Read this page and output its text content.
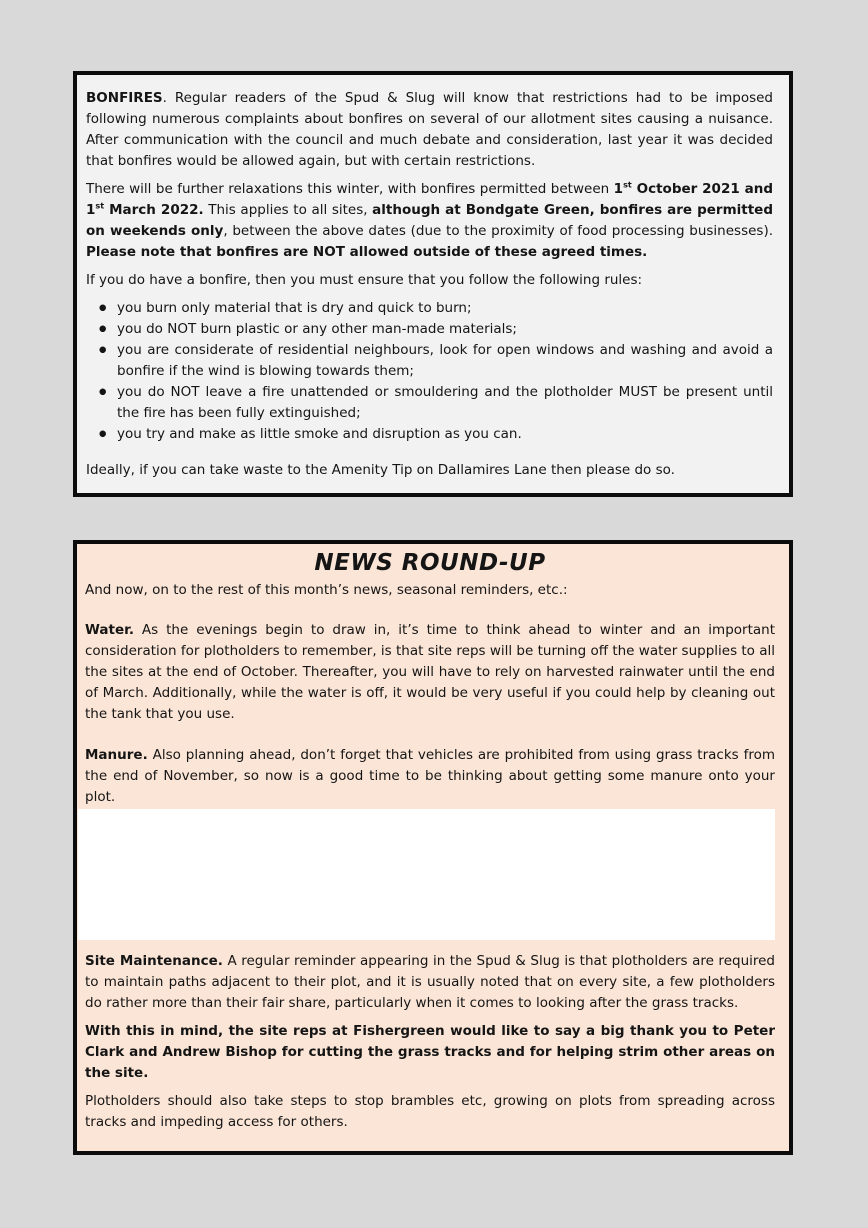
BONFIRES. Regular readers of the Spud & Slug will know that restrictions had to be imposed following numerous complaints about bonfires on several of our allotment sites causing a nuisance. After communication with the council and much debate and consideration, last year it was decided that bonfires would be allowed again, but with certain restrictions.

There will be further relaxations this winter, with bonfires permitted between 1st October 2021 and 1st March 2022. This applies to all sites, although at Bondgate Green, bonfires are permitted on weekends only, between the above dates (due to the proximity of food processing businesses). Please note that bonfires are NOT allowed outside of these agreed times.

If you do have a bonfire, then you must ensure that you follow the following rules:

● you burn only material that is dry and quick to burn;
● you do NOT burn plastic or any other man-made materials;
● you are considerate of residential neighbours, look for open windows and washing and avoid a bonfire if the wind is blowing towards them;
● you do NOT leave a fire unattended or smouldering and the plotholder MUST be present until the fire has been fully extinguished;
● you try and make as little smoke and disruption as you can.

Ideally, if you can take waste to the Amenity Tip on Dallamires Lane then please do so.

NEWS ROUND-UP

And now, on to the rest of this month’s news, seasonal reminders, etc.:

Water. As the evenings begin to draw in, it’s time to think ahead to winter and an important consideration for plotholders to remember, is that site reps will be turning off the water supplies to all the sites at the end of October. Thereafter, you will have to rely on harvested rainwater until the end of March. Additionally, while the water is off, it would be very useful if you could help by cleaning out the tank that you use.

Manure. Also planning ahead, don’t forget that vehicles are prohibited from using grass tracks from the end of November, so now is a good time to be thinking about getting some manure onto your plot.

Site Maintenance. A regular reminder appearing in the Spud & Slug is that plotholders are required to maintain paths adjacent to their plot, and it is usually noted that on every site, a few plotholders do rather more than their fair share, particularly when it comes to looking after the grass tracks.

With this in mind, the site reps at Fishergreen would like to say a big thank you to Peter Clark and Andrew Bishop for cutting the grass tracks and for helping strim other areas on the site.

Plotholders should also take steps to stop brambles etc, growing on plots from spreading across tracks and impeding access for others.
